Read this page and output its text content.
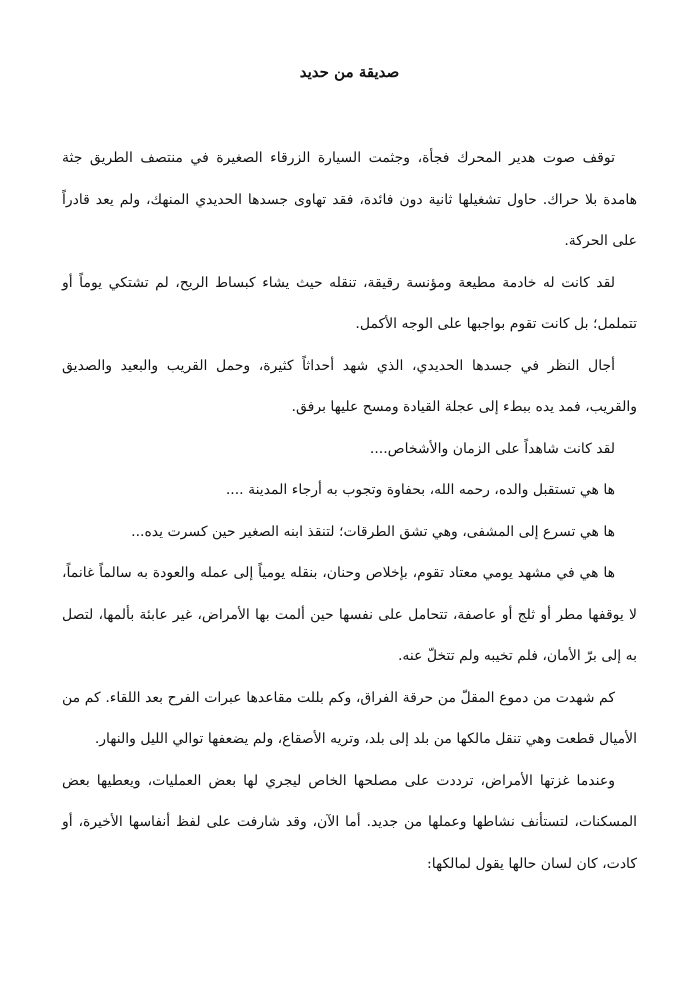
صديقة من حديد

توقف صوت هدير المحرك فجأة، وجثمت السيارة الزرقاء الصغيرة في منتصف الطريق جثة هامدة بلا حراك. حاول تشغيلها ثانية دون فائدة، فقد تهاوى جسدها الحديدي المنهك، ولم يعد قادراً على الحركة.

لقد كانت له خادمة مطيعة ومؤنسة رقيقة، تنقله حيث يشاء كبساط الريح، لم تشتكي يوماً أو تتململ؛ بل كانت تقوم بواجبها على الوجه الأكمل.

أجال النظر في جسدها الحديدي، الذي شهد أحداثاً كثيرة، وحمل القريب والبعيد والصديق والقريب، فمد يده ببطء إلى عجلة القيادة ومسح عليها برفق.

لقد كانت شاهداً على الزمان والأشخاص....

ها هي تستقبل والده، رحمه الله، بحفاوة وتجوب به أرجاء المدينة ....

ها هي تسرع إلى المشفى، وهي تشق الطرقات؛ لتنقذ ابنه الصغير حين كسرت يده...

ها هي في مشهد يومي معتاد تقوم، بإخلاص وحنان، بنقله يومياً إلى عمله والعودة به سالماً غانماً، لا يوقفها مطر أو ثلج أو عاصفة، تتحامل على نفسها حين ألمت بها الأمراض، غير عابئة بألمها، لتصل به إلى برّ الأمان، فلم تخيبه ولم تتخلّ عنه.

كم شهدت من دموع المقلّ من حرقة الفراق، وكم بللت مقاعدها عبرات الفرح بعد اللقاء. كم من الأميال قطعت وهي تنقل مالكها من بلد إلى بلد، وتريه الأصقاع، ولم يضعفها توالي الليل والنهار.

وعندما غزتها الأمراض، ترددت على مصلحها الخاص ليجري لها بعض العمليات، ويعطيها بعض المسكنات، لتستأنف نشاطها وعملها من جديد. أما الآن، وقد شارفت على لفظ أنفاسها الأخيرة، أو كادت، كان لسان حالها يقول لمالكها:
